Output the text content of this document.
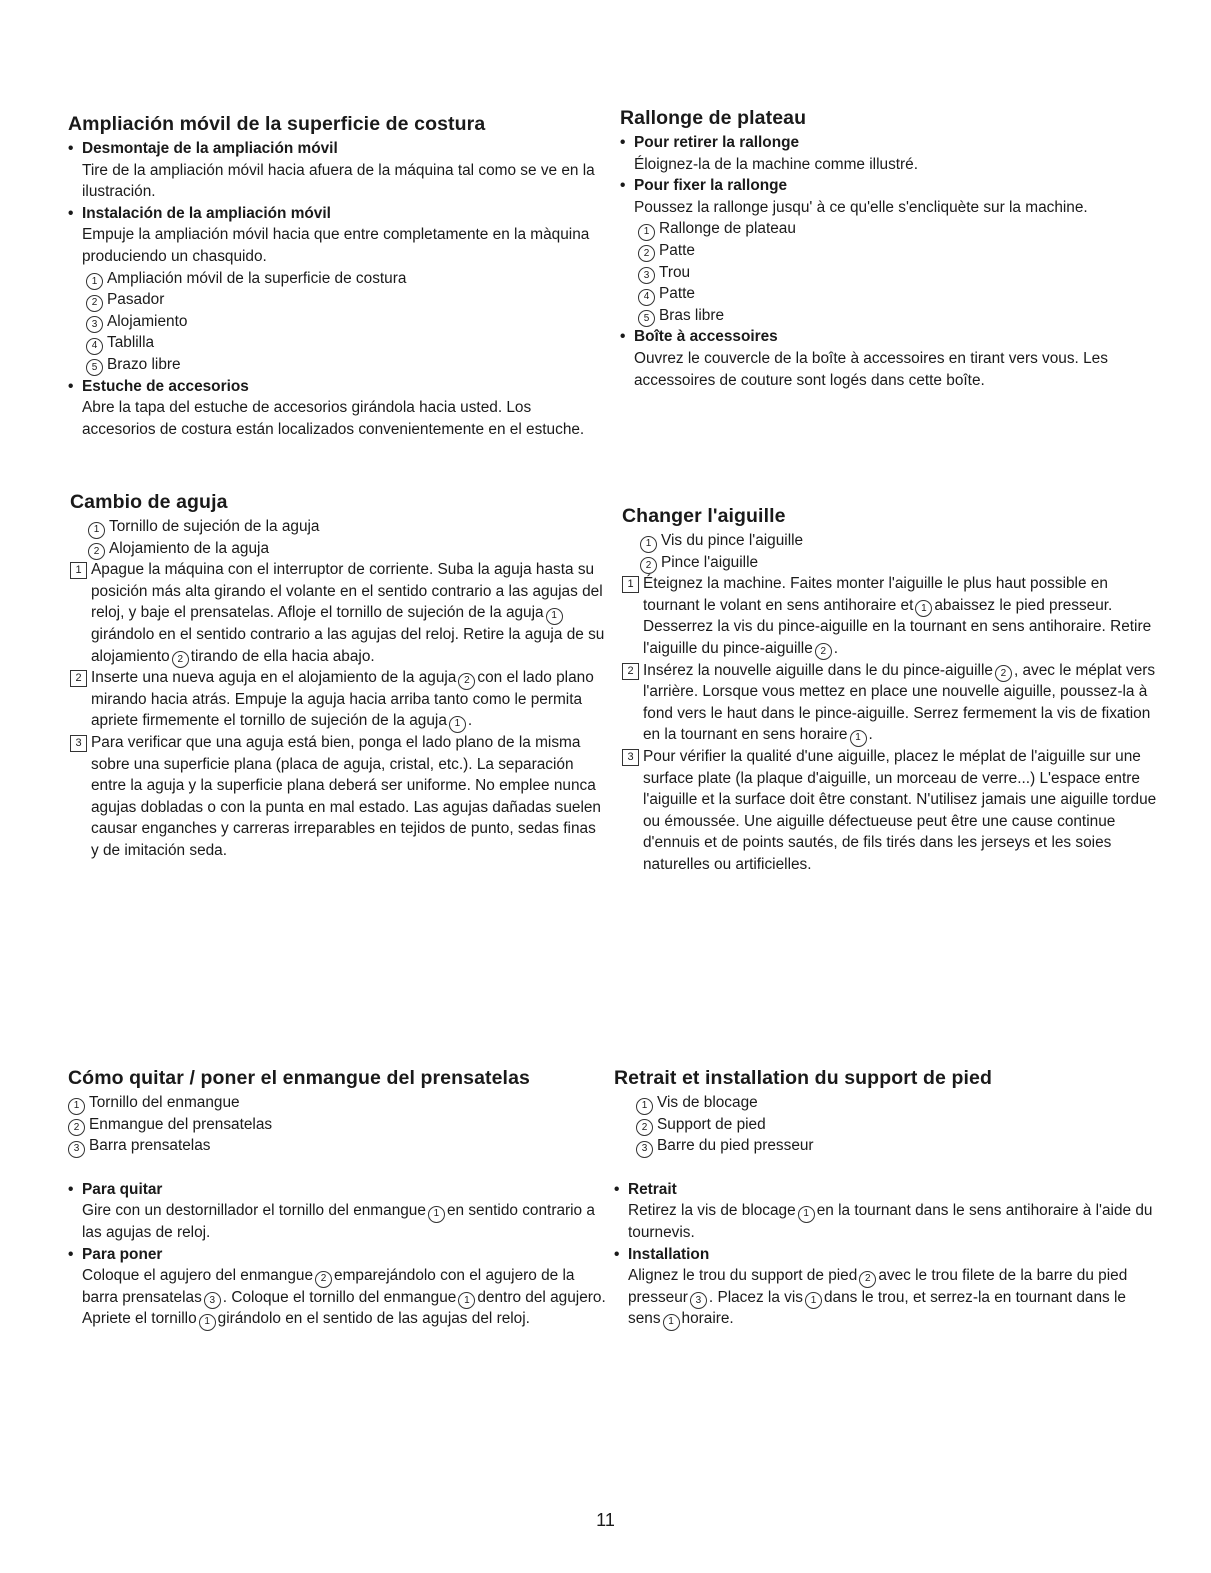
Ampliación móvil de la superficie de costura
• Desmontaje de la ampliación móvil

Tire de la ampliación móvil hacia afuera de la máquina tal como se ve en la ilustración.

• Instalación de la ampliación móvil

Empuje la ampliación móvil hacia que entre completamente en la màquina produciendo un chasquido.

1 Ampliación móvil de la superficie de costura
2 Pasador
3 Alojamiento
4 Tablilla
5 Brazo libre
• Estuche de accesorios

Abre la tapa del estuche de accesorios girándola hacia usted. Los accesorios de costura están localizados convenientemente en el estuche.

Rallonge de plateau
• Pour retirer la rallonge

Éloignez-la de la machine comme illustré.

• Pour fixer la rallonge

Poussez la rallonge jusqu' à ce qu'elle s'encliquète sur la machine.

1 Rallonge de plateau
2 Patte
3 Trou
4 Patte
5 Bras libre
• Boîte à accessoires

Ouvrez le couvercle de la boîte à accessoires en tirant vers vous. Les accessoires de couture sont logés dans cette boîte.

Cambio de aguja
1 Tornillo de sujeción de la aguja
2 Alojamiento de la aguja
1 Apague la máquina con el interruptor de corriente. Suba la aguja hasta su posición más alta girando el volante en el sentido contrario a las agujas del reloj, y baje el prensatelas. Afloje el tornillo de sujeción de la aguja 1girándolo en el sentido contrario a las agujas del reloj. Retire la aguja de su alojamiento 2 tirando de ella hacia abajo.
2 Inserte una nueva aguja en el alojamiento de la aguja 2 con el lado plano mirando hacia atrás. Empuje la aguja hacia arriba tanto como le permita apriete firmemente el tornillo de sujeción de la aguja 1 .
3 Para verificar que una aguja está bien, ponga el lado plano de la misma sobre una superficie plana (placa de aguja, cristal, etc.). La separación entre la aguja y la superficie plana deberá ser uniforme. No emplee nunca agujas dobladas o con la punta en mal estado. Las agujas dañadas suelen causar enganches y carreras irreparables en tejidos de punto, sedas finas y de imitación seda.
Changer l'aiguille
1 Vis du pince l'aiguille
2 Pince l'aiguille
1 Éteignez la machine. Faites monter l'aiguille le plus haut possible en tournant le volant en sens antihoraire et 1 abaissez le pied presseur. Desserrez la vis du pince-aiguille en la tournant en sens antihoraire. Retire l'aiguille du pince-aiguille 2 .
2 Insérez la nouvelle aiguille dans le du pince-aiguille 2 , avec le méplat vers l'arrière. Lorsque vous mettez en place une nouvelle aiguille, poussez-la à fond vers le haut dans le pince-aiguille. Serrez fermement la vis de fixation en la tournant en sens horaire 1 .
3 Pour vérifier la qualité d'une aiguille, placez le méplat de l'aiguille sur une surface plate (la plaque d'aiguille, un morceau de verre...) L'espace entre l'aiguille et la surface doit être constant. N'utilisez jamais une aiguille tordue ou émoussée. Une aiguille défectueuse peut être une cause continue d'ennuis et de points sautés, de fils tirés dans les jerseys et les soies naturelles ou artificielles.
Cómo quitar / poner el enmangue del prensatelas
1 Tornillo del enmangue
2 Enmangue del prensatelas
3 Barra prensatelas
• Para quitar

Gire con un destornillador el tornillo del enmangue 1 en sentido contrario a las agujas de reloj.

• Para poner

Coloque el agujero del enmangue 2 emparejándolo con el agujero de la barra prensatelas 3 . Coloque el tornillo del enmangue 1 dentro del agujero. Apriete el tornillo 1 girándolo en el sentido de las agujas del reloj.

Retrait et installation du support de pied
1 Vis de blocage
2 Support de pied
3 Barre du pied presseur
• Retrait

Retirez la vis de blocage 1 en la tournant dans le sens antihoraire à l'aide du tournevis.

• Installation

Alignez le trou du support de pied 2 avec le trou filete de la barre du pied presseur 3 . Placez la vis 1 dans le trou, et serrez-la en tournant dans le sens 1 horaire.

11
